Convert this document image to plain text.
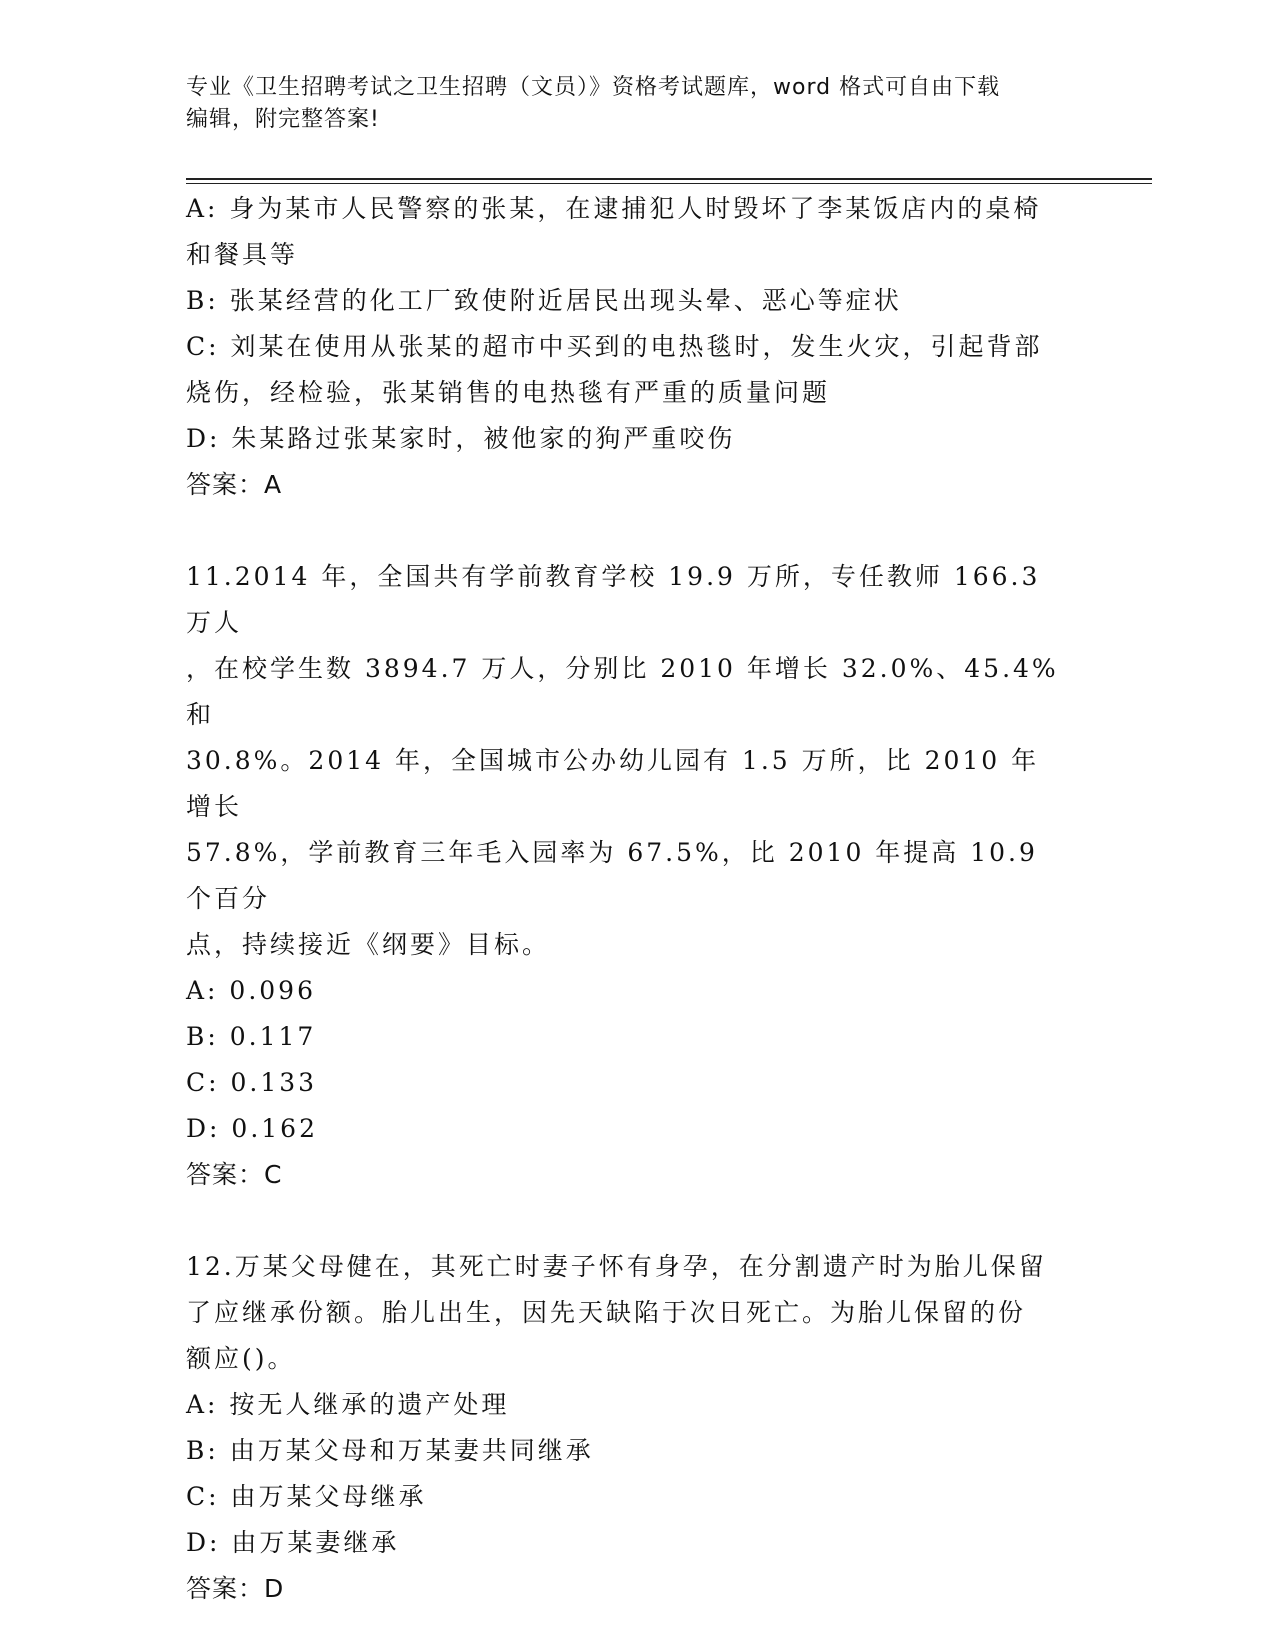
专业《卫生招聘考试之卫生招聘（文员）》资格考试题库，word 格式可自由下载
编辑，附完整答案!
A: 身为某市人民警察的张某，在逮捕犯人时毁坏了李某饭店内的桌椅
和餐具等
B: 张某经营的化工厂致使附近居民出现头晕、恶心等症状
C: 刘某在使用从张某的超市中买到的电热毯时，发生火灾，引起背部
烧伤，经检验，张某销售的电热毯有严重的质量问题
D: 朱某路过张某家时，被他家的狗严重咬伤
答案：A
11.2014 年，全国共有学前教育学校 19.9 万所，专任教师 166.3 万人
，在校学生数 3894.7 万人，分别比 2010 年增长 32.0%、45.4%和
30.8%。2014 年，全国城市公办幼儿园有 1.5 万所，比 2010 年增长
57.8%，学前教育三年毛入园率为 67.5%，比 2010 年提高 10.9 个百分
点，持续接近《纲要》目标。
A: 0.096
B: 0.117
C: 0.133
D: 0.162
答案：C
12.万某父母健在，其死亡时妻子怀有身孕，在分割遗产时为胎儿保留
了应继承份额。胎儿出生，因先天缺陷于次日死亡。为胎儿保留的份
额应()。
A: 按无人继承的遗产处理
B: 由万某父母和万某妻共同继承
C: 由万某父母继承
D: 由万某妻继承
答案：D
